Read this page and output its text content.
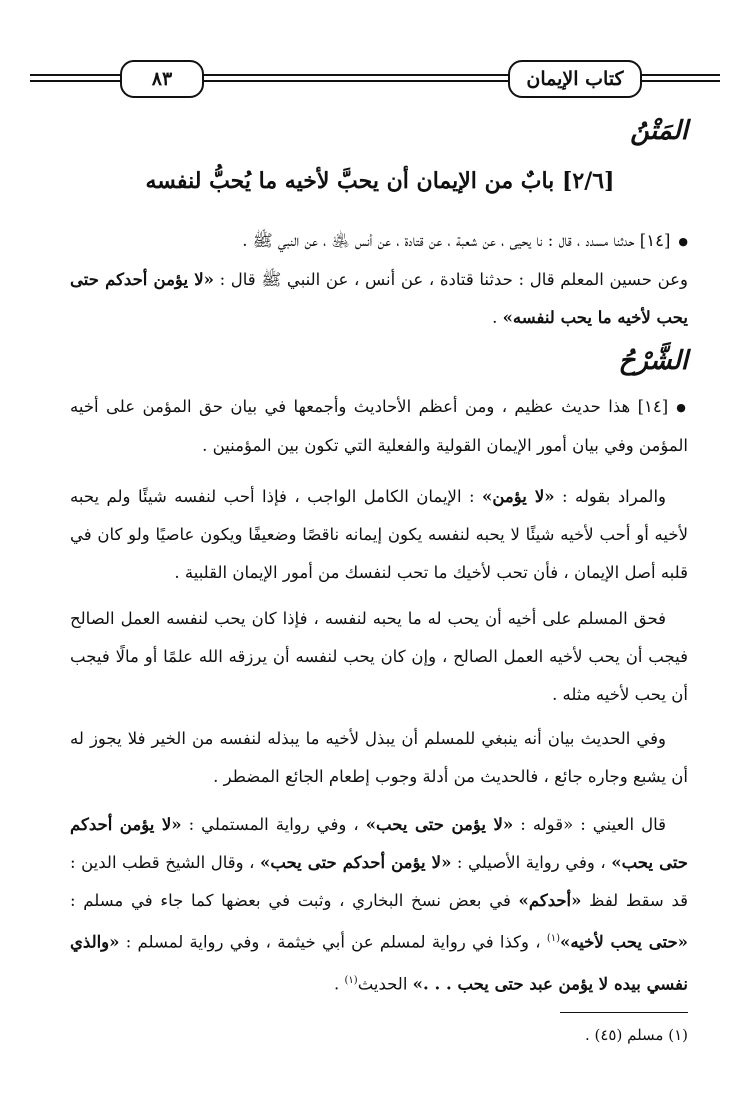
كتاب الإيمان
٨٣
المَتْنُ
[٢/٦] بابٌ من الإيمان أن يحبَّ لأخيه ما يُحبُّ لنفسه
● [١٤] حدثنا مسدد ، قال : نا يحيى ، عن شعبة ، عن قتادة ، عن أنس ﵁ ، عن النبي ﷺ .
وعن حسين المعلم قال : حدثنا قتادة ، عن أنس ، عن النبي ﷺ قال : «لا يؤمن أحدكم حتى يحب لأخيه ما يحب لنفسه» .
الشَّرْحُ
● [١٤] هذا حديث عظيم ، ومن أعظم الأحاديث وأجمعها في بيان حق المؤمن على أخيه المؤمن وفي بيان أمور الإيمان القولية والفعلية التي تكون بين المؤمنين .
والمراد بقوله : «لا يؤمن» : الإيمان الكامل الواجب ، فإذا أحب لنفسه شيئًا ولم يحبه لأخيه أو أحب لأخيه شيئًا لا يحبه لنفسه يكون إيمانه ناقصًا وضعيفًا ويكون عاصيًا ولو كان في قلبه أصل الإيمان ، فأن تحب لأخيك ما تحب لنفسك من أمور الإيمان القلبية .
فحق المسلم على أخيه أن يحب له ما يحبه لنفسه ، فإذا كان يحب لنفسه العمل الصالح فيجب أن يحب لأخيه العمل الصالح ، وإن كان يحب لنفسه أن يرزقه الله علمًا أو مالًا فيجب أن يحب لأخيه مثله .
وفي الحديث بيان أنه ينبغي للمسلم أن يبذل لأخيه ما يبذله لنفسه من الخير فلا يجوز له أن يشبع وجاره جائع ، فالحديث من أدلة وجوب إطعام الجائع المضطر .
قال العيني : «قوله : «لا يؤمن حتى يحب» ، وفي رواية المستملي : «لا يؤمن أحدكم حتى يحب» ، وفي رواية الأصيلي : «لا يؤمن أحدكم حتى يحب» ، وقال الشيخ قطب الدين : قد سقط لفظ «أحدكم» في بعض نسخ البخاري ، وثبت في بعضها كما جاء في مسلم : «حتى يحب لأخيه»$^{(١)}$ ، وكذا في رواية لمسلم عن أبي خيثمة ، وفي رواية لمسلم : «والذي نفسي بيده لا يؤمن عبد حتى يحب . . .» الحديث$^{(١)}$ .
(١) مسلم (٤٥) .
